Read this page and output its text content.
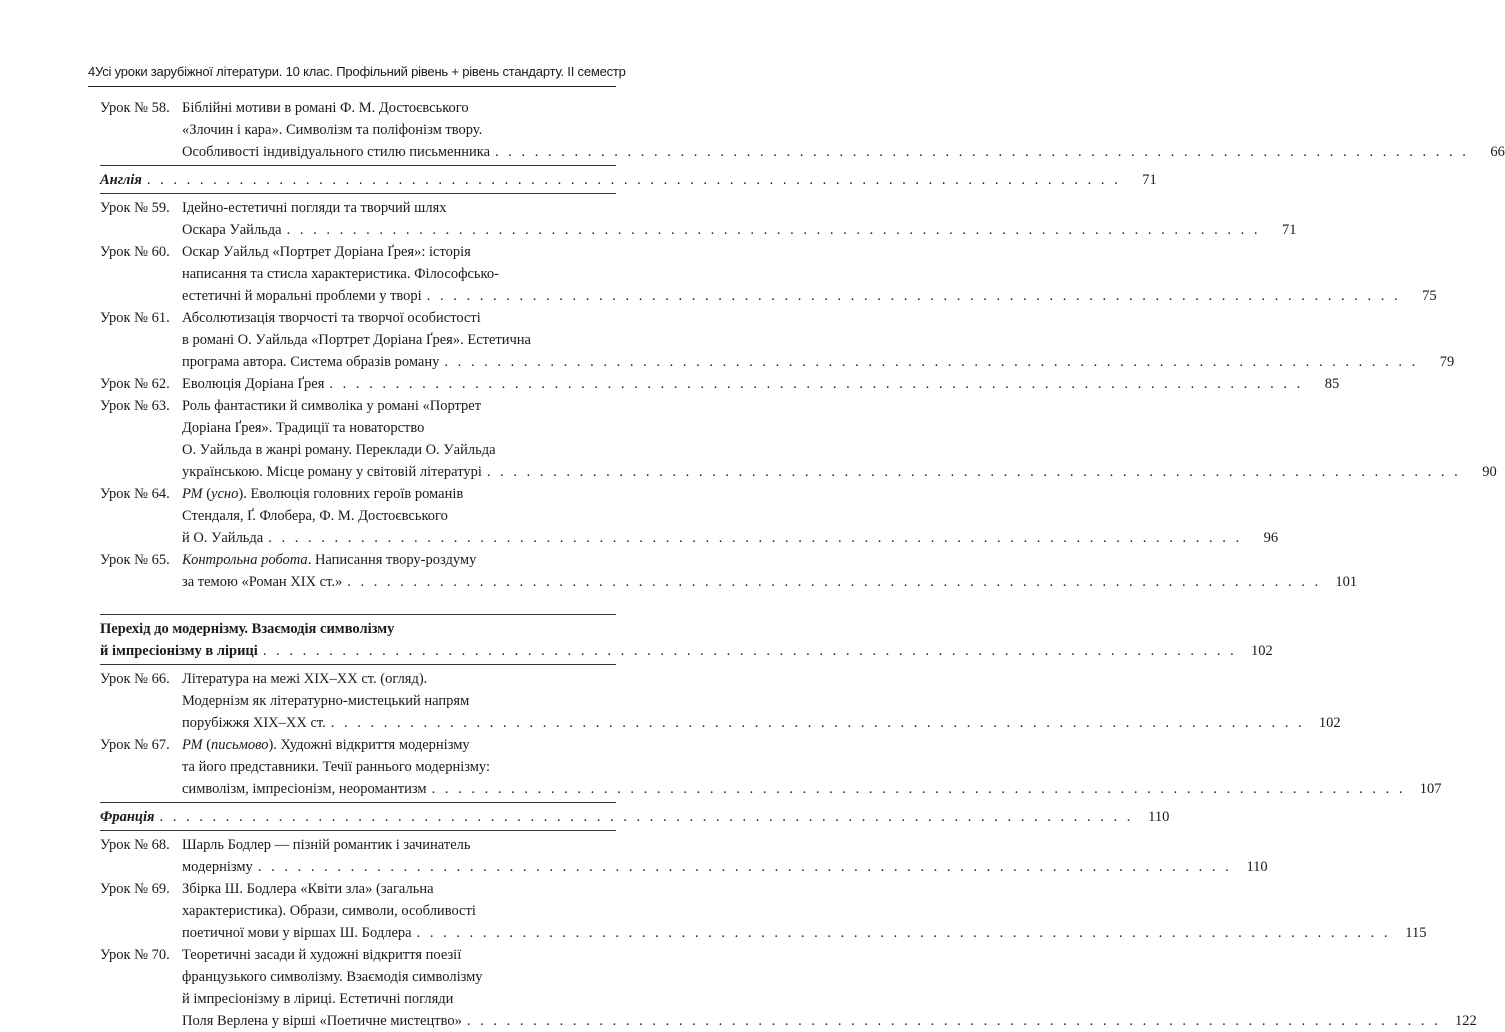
4 Усі уроки зарубіжної літератури. 10 клас. Профільний рівень + рівень стандарту. ІІ семестр
Урок № 58. Біблійні мотиви в романі Ф. М. Достоєвського
«Злочин і кара». Символізм та поліфонізм твору.
Особливості індивідуального стилю письменника . . . . . . . . . . . . . . . . . . . . . . . . . . . . . . . . . . . . . . . . . . . . . . . . . . . . . . . . . . . . . . . . . . . . . . . . . .	66
Англія . . . . . . . . . . . . . . . . . . . . . . . . . . . . . . . . . . . . . . . . . . . . . . . . . . . . . . . . . . . . . . . . . . . . . . . . . .	71
Урок № 59. Ідейно-естетичні погляди та творчий шлях
Оскара Уайльда . . . . . . . . . . . . . . . . . . . . . . . . . . . . . . . . . . . . . . . . . . . . . . . . . . . . . . . . . . . . . . . . . . . . . . . . . .	71
Урок № 60. Оскар Уайльд «Портрет Доріана Ґрея»: історія
написання та стисла характеристика. Філософсько-
естетичні й моральні проблеми у творі . . . . . . . . . . . . . . . . . . . . . . . . . . . . . . . . . . . . . . . . . . . . . . . . . . . . . . . . . . . . . . . . . . . . . . . . . .	75
Урок № 61. Абсолютизація творчості та творчої особистості
в романі О. Уайльда «Портрет Доріана Ґрея». Естетична
програма автора. Система образів роману . . . . . . . . . . . . . . . . . . . . . . . . . . . . . . . . . . . . . . . . . . . . . . . . . . . . . . . . . . . . . . . . . . . . . . . . . .	79
Урок № 62. Еволюція Доріана Ґрея . . . . . . . . . . . . . . . . . . . . . . . . . . . . . . . . . . . . . . . . . . . . . . . . . . . . . . . . . . . . . . . . . . . . . . . . . .	85
Урок № 63. Роль фантастики й символіка у романі «Портрет
Доріана Ґрея». Традиції та новаторство
О. Уайльда в жанрі роману. Переклади О. Уайльда
українською. Місце роману у світовій літературі . . . . . . . . . . . . . . . . . . . . . . . . . . . . . . . . . . . . . . . . . . . . . . . . . . . . . . . . . . . . . . . . . . . . . . . . . .	90
Урок № 64. РМ (усно). Еволюція головних героїв романів
Стендаля, Ґ. Флобера, Ф. М. Достоєвського
й О. Уайльда . . . . . . . . . . . . . . . . . . . . . . . . . . . . . . . . . . . . . . . . . . . . . . . . . . . . . . . . . . . . . . . . . . . . . . . . . .	96
Урок № 65. Контрольна робота. Написання твору-роздуму
за темою «Роман ХІХ ст.» . . . . . . . . . . . . . . . . . . . . . . . . . . . . . . . . . . . . . . . . . . . . . . . . . . . . . . . . . . . . . . . . . . . . . . . . . . 101
Перехід до модернізму. Взаємодія символізму
й імпресіонізму в ліриці . . . . . . . . . . . . . . . . . . . . . . . . . . . . . . . . . . . . . . . . . . . . . . . . . . . . . . . . . . . . . . . . . . . . . . . . . . 102
Урок № 66. Література на межі ХІХ–ХХ ст. (огляд).
Модернізм як літературно-мистецький напрям
порубіжжя ХІХ–ХХ ст. . . . . . . . . . . . . . . . . . . . . . . . . . . . . . . . . . . . . . . . . . . . . . . . . . . . . . . . . . . . . . . . . . . . . . . . . . . 102
Урок № 67. РМ (письмово). Художні відкриття модернізму
та його представники. Течії раннього модернізму:
символізм, імпресіонізм, неоромантизм . . . . . . . . . . . . . . . . . . . . . . . . . . . . . . . . . . . . . . . . . . . . . . . . . . . . . . . . . . . . . . . . . . . . . . . . . . 107
Франція . . . . . . . . . . . . . . . . . . . . . . . . . . . . . . . . . . . . . . . . . . . . . . . . . . . . . . . . . . . . . . . . . . . . . . . . . .	110
Урок № 68. Шарль Бодлер — пізній романтик і зачинатель
модернізму . . . . . . . . . . . . . . . . . . . . . . . . . . . . . . . . . . . . . . . . . . . . . . . . . . . . . . . . . . . . . . . . . . . . . . . . . .	110
Урок № 69. Збірка Ш. Бодлера «Квіти зла» (загальна
характеристика). Образи, символи, особливості
поетичної мови у віршах Ш. Бодлера . . . . . . . . . . . . . . . . . . . . . . . . . . . . . . . . . . . . . . . . . . . . . . . . . . . . . . . . . . . . . . . . . . . . . . . . . .	115
Урок № 70. Теоретичні засади й художні відкриття поезії
французького символізму. Взаємодія символізму
й імпресіонізму в ліриці. Естетичні погляди
Поля Верлена у вірші «Поетичне мистецтво» . . . . . . . . . . . . . . . . . . . . . . . . . . . . . . . . . . . . . . . . . . . . . . . . . . . . . . . . . . . . . . . . . . . . . . . . . . 122
